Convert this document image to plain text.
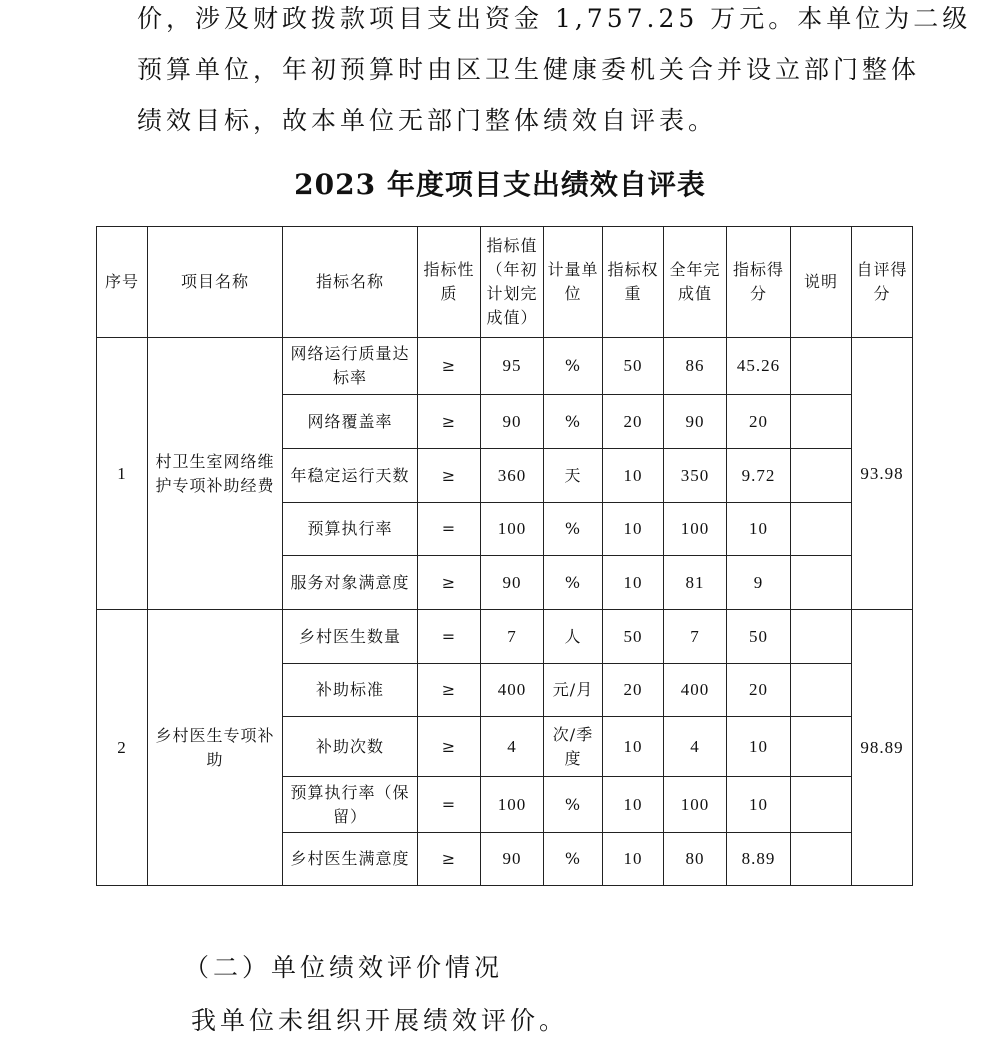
价，涉及财政拨款项目支出资金 1,757.25 万元。本单位为二级
预算单位，年初预算时由区卫生健康委机关合并设立部门整体
绩效目标，故本单位无部门整体绩效自评表。
2023 年度项目支出绩效自评表
序号	项目名称	指标名称	指标性质	指标值（年初计划完成值）	计量单位	指标权重	全年完成值	指标得分	说明	自评得分
1	村卫生室网络维护专项补助经费	网络运行质量达标率	≥	95	%	50	86	45.26		93.98
		网络覆盖率	≥	90	%	20	90	20		
		年稳定运行天数	≥	360	天	10	350	9.72		
		预算执行率	=	100	%	10	100	10		
		服务对象满意度	≥	90	%	10	81	9		
2	乡村医生专项补助	乡村医生数量	=	7	人	50	7	50		98.89
		补助标准	≥	400	元/月	20	400	20		
		补助次数	≥	4	次/季度	10	4	10		
		预算执行率（保留）	=	100	%	10	100	10		
		乡村医生满意度	≥	90	%	10	80	8.89		

（二）单位绩效评价情况

我单位未组织开展绩效评价。
